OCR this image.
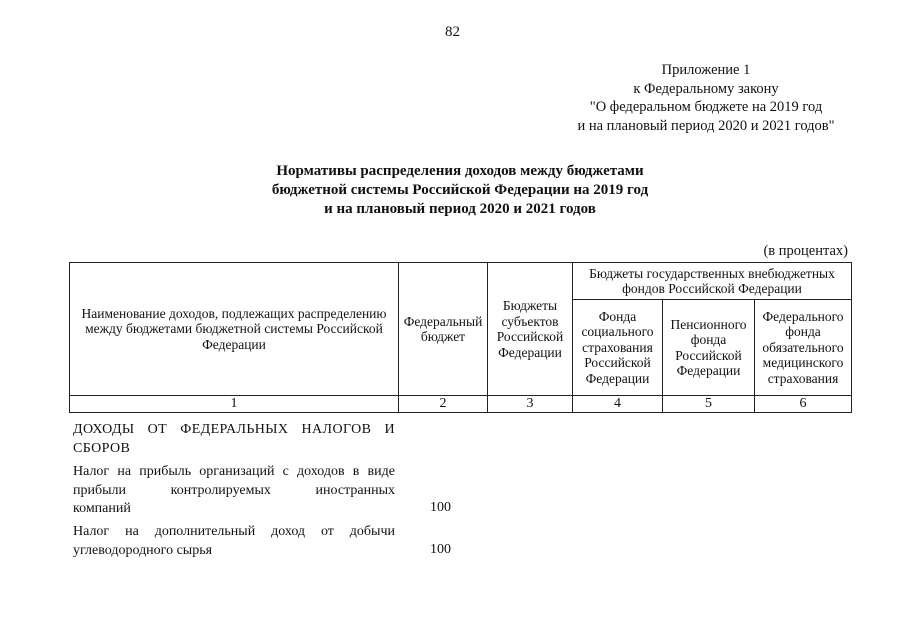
82
Приложение 1
к Федеральному закону
"О федеральном бюджете на 2019 год
и на плановый период 2020 и 2021 годов"
Нормативы распределения доходов между бюджетами
бюджетной системы Российской Федерации на 2019 год
и на плановый период 2020 и 2021 годов
(в процентах)
Наименование доходов, подлежащих распределению между бюджетами бюджетной системы Российской Федерации	Федеральный бюджет	Бюджеты субъектов Российской Федерации	Бюджеты государственных внебюджетных фондов Российской Федерации		
			Фонда социального страхования Российской Федерации	Пенсионного фонда Российской Федерации	Федерального фонда обязательного медицинского страхования
1	2	3	4	5	6
ДОХОДЫ ОТ ФЕДЕРАЛЬНЫХ НАЛОГОВ И
СБОРОВ
Налог на прибыль организаций с доходов в виде
прибыли контролируемых иностранных
компаний	100
Налог на дополнительный доход от добычи
углеводородного сырья	100
